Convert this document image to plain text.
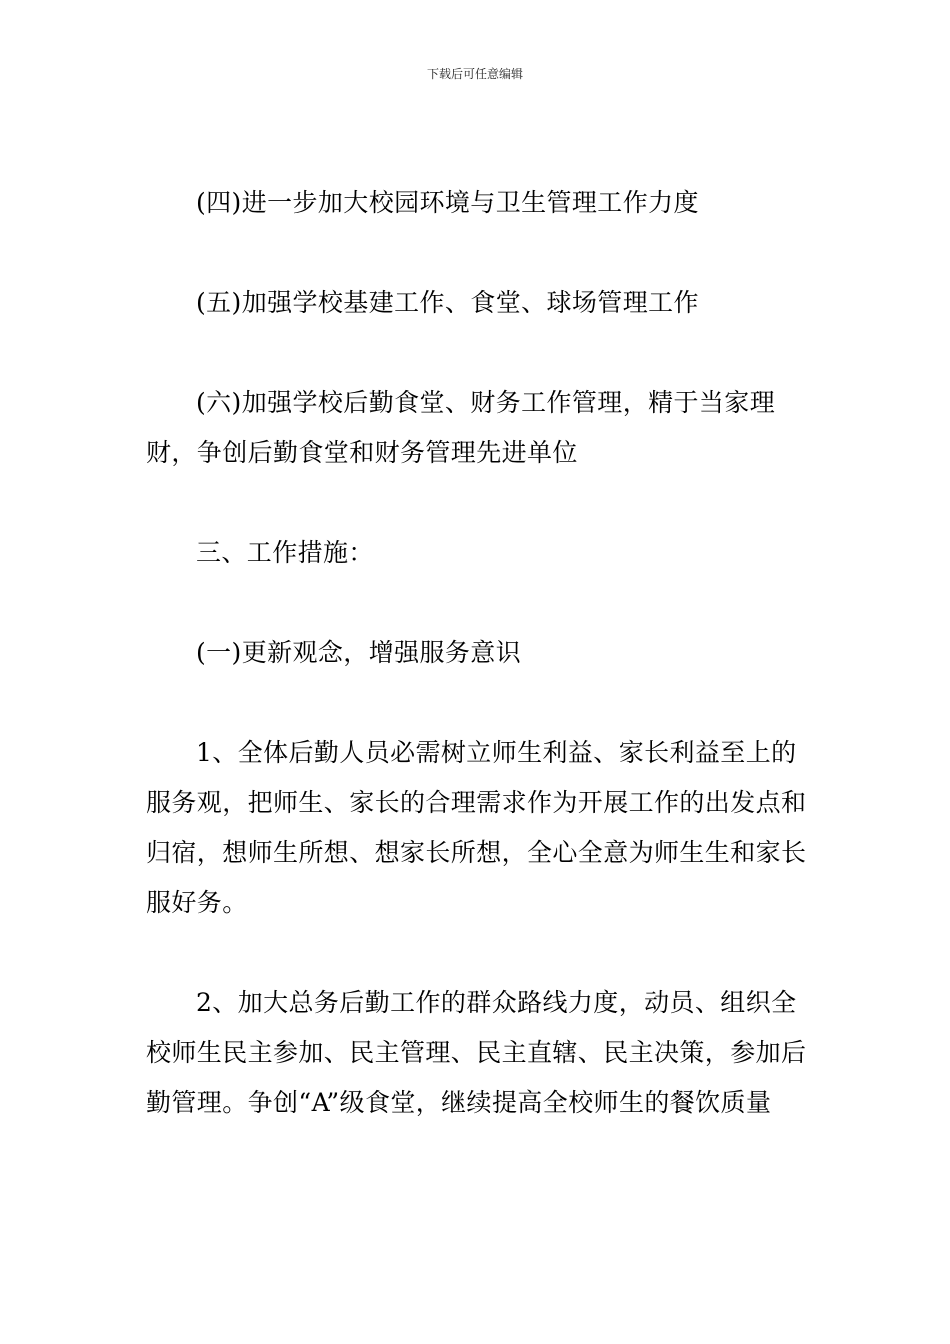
下载后可任意编辑

(四)进一步加大校园环境与卫生管理工作力度

(五)加强学校基建工作、食堂、球场管理工作

(六)加强学校后勤食堂、财务工作管理，精于当家理财，争创后勤食堂和财务管理先进单位

三、工作措施：

(一)更新观念，增强服务意识

1、全体后勤人员必需树立师生利益、家长利益至上的服务观，把师生、家长的合理需求作为开展工作的出发点和归宿，想师生所想、想家长所想，全心全意为师生生和家长服好务。

2、加大总务后勤工作的群众路线力度，动员、组织全校师生民主参加、民主管理、民主直辖、民主决策，参加后勤管理。争创“A”级食堂，继续提高全校师生的餐饮质量
